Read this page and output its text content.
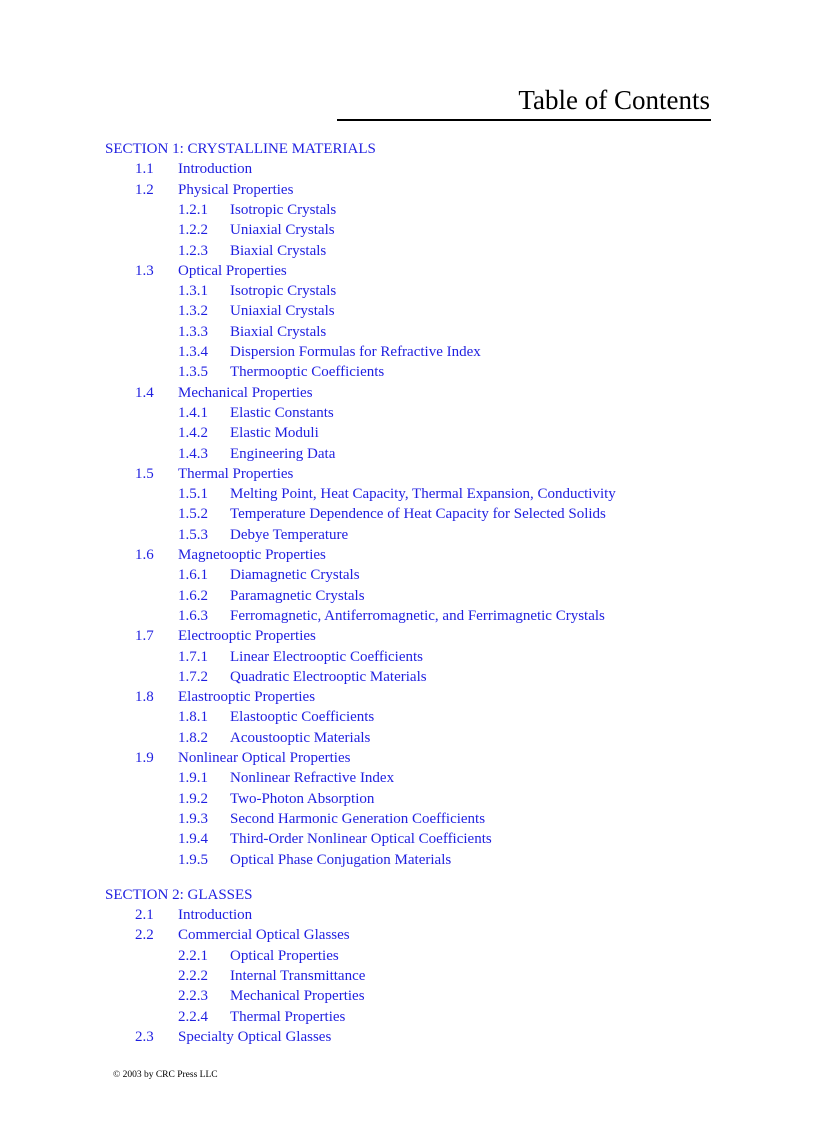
Table of Contents
SECTION 1: CRYSTALLINE MATERIALS
1.1 Introduction
1.2 Physical Properties
1.2.1 Isotropic Crystals
1.2.2 Uniaxial Crystals
1.2.3 Biaxial Crystals
1.3 Optical Properties
1.3.1 Isotropic Crystals
1.3.2 Uniaxial Crystals
1.3.3 Biaxial Crystals
1.3.4 Dispersion Formulas for Refractive Index
1.3.5 Thermooptic Coefficients
1.4 Mechanical Properties
1.4.1 Elastic Constants
1.4.2 Elastic Moduli
1.4.3 Engineering Data
1.5 Thermal Properties
1.5.1 Melting Point, Heat Capacity, Thermal Expansion, Conductivity
1.5.2 Temperature Dependence of Heat Capacity for Selected Solids
1.5.3 Debye Temperature
1.6 Magnetooptic Properties
1.6.1 Diamagnetic Crystals
1.6.2 Paramagnetic Crystals
1.6.3 Ferromagnetic, Antiferromagnetic, and Ferrimagnetic Crystals
1.7 Electrooptic Properties
1.7.1 Linear Electrooptic Coefficients
1.7.2 Quadratic Electrooptic Materials
1.8 Elastrooptic Properties
1.8.1 Elastooptic Coefficients
1.8.2 Acoustooptic Materials
1.9 Nonlinear Optical Properties
1.9.1 Nonlinear Refractive Index
1.9.2 Two-Photon Absorption
1.9.3 Second Harmonic Generation Coefficients
1.9.4 Third-Order Nonlinear Optical Coefficients
1.9.5 Optical Phase Conjugation Materials
SECTION 2: GLASSES
2.1 Introduction
2.2 Commercial Optical Glasses
2.2.1 Optical Properties
2.2.2 Internal Transmittance
2.2.3 Mechanical Properties
2.2.4 Thermal Properties
2.3 Specialty Optical Glasses
© 2003 by CRC Press LLC
